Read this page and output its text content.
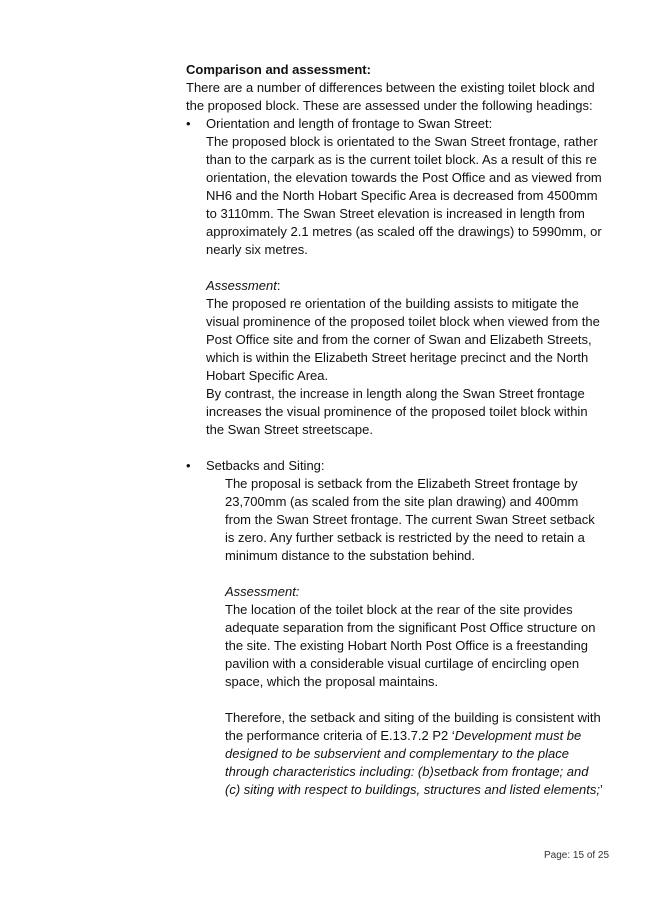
Comparison and assessment:
There are a number of differences between the existing toilet block and the proposed block. These are assessed under the following headings:
•	Orientation and length of frontage to Swan Street:
The proposed block is orientated to the Swan Street frontage, rather than to the carpark as is the current toilet block. As a result of this re orientation, the elevation towards the Post Office and as viewed from NH6 and the North Hobart Specific Area is decreased from 4500mm to 3110mm. The Swan Street elevation is increased in length from approximately 2.1 metres (as scaled off the drawings) to 5990mm, or nearly six metres.
Assessment:
The proposed re orientation of the building assists to mitigate the visual prominence of the proposed toilet block when viewed from the Post Office site and from the corner of Swan and Elizabeth Streets, which is within the Elizabeth Street heritage precinct and the North Hobart Specific Area.
By contrast, the increase in length along the Swan Street frontage increases the visual prominence of the proposed toilet block within the Swan Street streetscape.
•	Setbacks and Siting:
The proposal is setback from the Elizabeth Street frontage by 23,700mm (as scaled from the site plan drawing) and 400mm from the Swan Street frontage. The current Swan Street setback is zero. Any further setback is restricted by the need to retain a minimum distance to the substation behind.
Assessment:
The location of the toilet block at the rear of the site provides adequate separation from the significant Post Office structure on the site. The existing Hobart North Post Office is a freestanding pavilion with a considerable visual curtilage of encircling open space, which the proposal maintains.
Therefore, the setback and siting of the building is consistent with the performance criteria of E.13.7.2 P2 ‘Development must be designed to be subservient and complementary to the place through characteristics including: (b)setback from frontage; and (c) siting with respect to buildings, structures and listed elements;’
Page: 15 of 25
